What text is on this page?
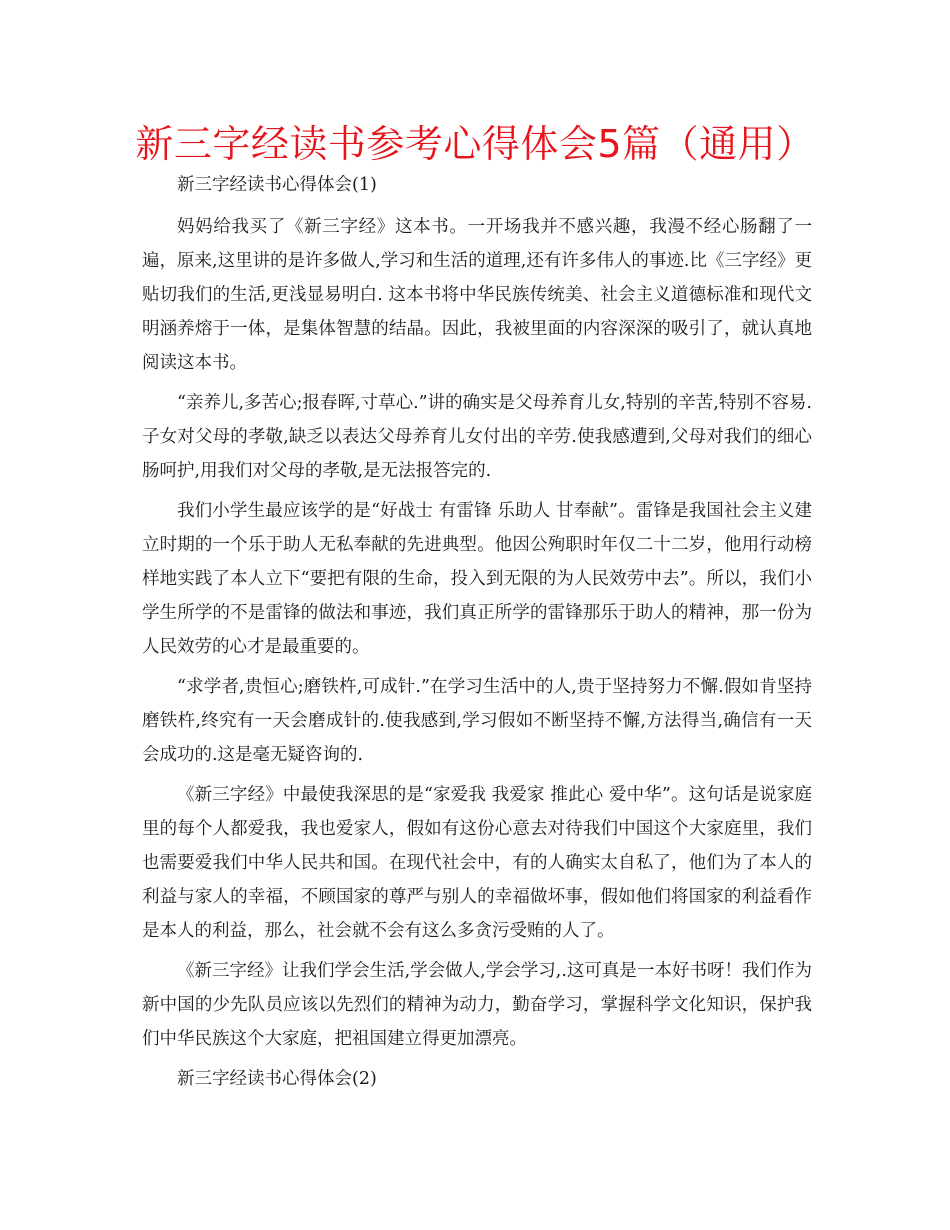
新三字经读书参考心得体会5篇（通用）

新三字经读书心得体会(1)

妈妈给我买了《新三字经》这本书。一开场我并不感兴趣，我漫不经心肠翻了一遍，原来,这里讲的是许多做人,学习和生活的道理,还有许多伟人的事迹.比《三字经》更贴切我们的生活,更浅显易明白. 这本书将中华民族传统美、社会主义道德标准和现代文明涵养熔于一体，是集体智慧的结晶。因此，我被里面的内容深深的吸引了，就认真地阅读这本书。

“亲养儿,多苦心;报春晖,寸草心.”讲的确实是父母养育儿女,特别的辛苦,特别不容易.子女对父母的孝敬,缺乏以表达父母养育儿女付出的辛劳.使我感遭到,父母对我们的细心肠呵护,用我们对父母的孝敬,是无法报答完的.

我们小学生最应该学的是“好战士 有雷锋 乐助人 甘奉献”。雷锋是我国社会主义建立时期的一个乐于助人无私奉献的先进典型。他因公殉职时年仅二十二岁，他用行动榜样地实践了本人立下“要把有限的生命，投入到无限的为人民效劳中去”。所以，我们小学生所学的不是雷锋的做法和事迹，我们真正所学的雷锋那乐于助人的精神，那一份为人民效劳的心才是最重要的。

“求学者,贵恒心;磨铁杵,可成针.”在学习生活中的人,贵于坚持努力不懈.假如肯坚持磨铁杵,终究有一天会磨成针的.使我感到,学习假如不断坚持不懈,方法得当,确信有一天会成功的.这是毫无疑咨询的.

《新三字经》中最使我深思的是“家爱我 我爱家 推此心 爱中华”。这句话是说家庭里的每个人都爱我，我也爱家人，假如有这份心意去对待我们中国这个大家庭里，我们也需要爱我们中华人民共和国。在现代社会中，有的人确实太自私了，他们为了本人的利益与家人的幸福，不顾国家的尊严与别人的幸福做坏事，假如他们将国家的利益看作是本人的利益，那么，社会就不会有这么多贪污受贿的人了。

《新三字经》让我们学会生活,学会做人,学会学习,.这可真是一本好书呀！我们作为新中国的少先队员应该以先烈们的精神为动力，勤奋学习，掌握科学文化知识，保护我们中华民族这个大家庭，把祖国建立得更加漂亮。

新三字经读书心得体会(2)
